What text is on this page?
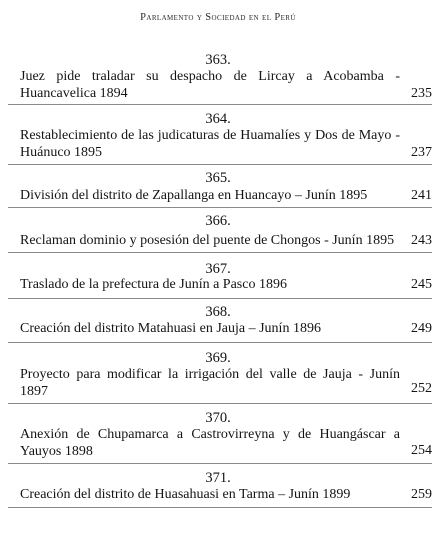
Parlamento y Sociedad en el Perú
363.
Juez pide traladar su despacho de Lircay a Acobamba - Huancavelica 1894	235
364.
Restablecimiento de las judicaturas de Huamalíes y Dos de Mayo - Huánuco 1895	237
365.
División del distrito de Zapallanga en Huancayo – Junín 1895	241
366.
Reclaman dominio y posesión del puente de Chongos - Junín 1895	243
367.
Traslado de la prefectura de Junín a Pasco 1896	245
368.
Creación del distrito Matahuasi en Jauja – Junín 1896	249
369.
Proyecto para modificar la irrigación del valle de Jauja - Junín 1897	252
370.
Anexión de Chupamarca a Castrovirreyna y de Huangáscar a Yauyos 1898	254
371.
Creación del distrito de Huasahuasi en Tarma – Junín 1899	259
